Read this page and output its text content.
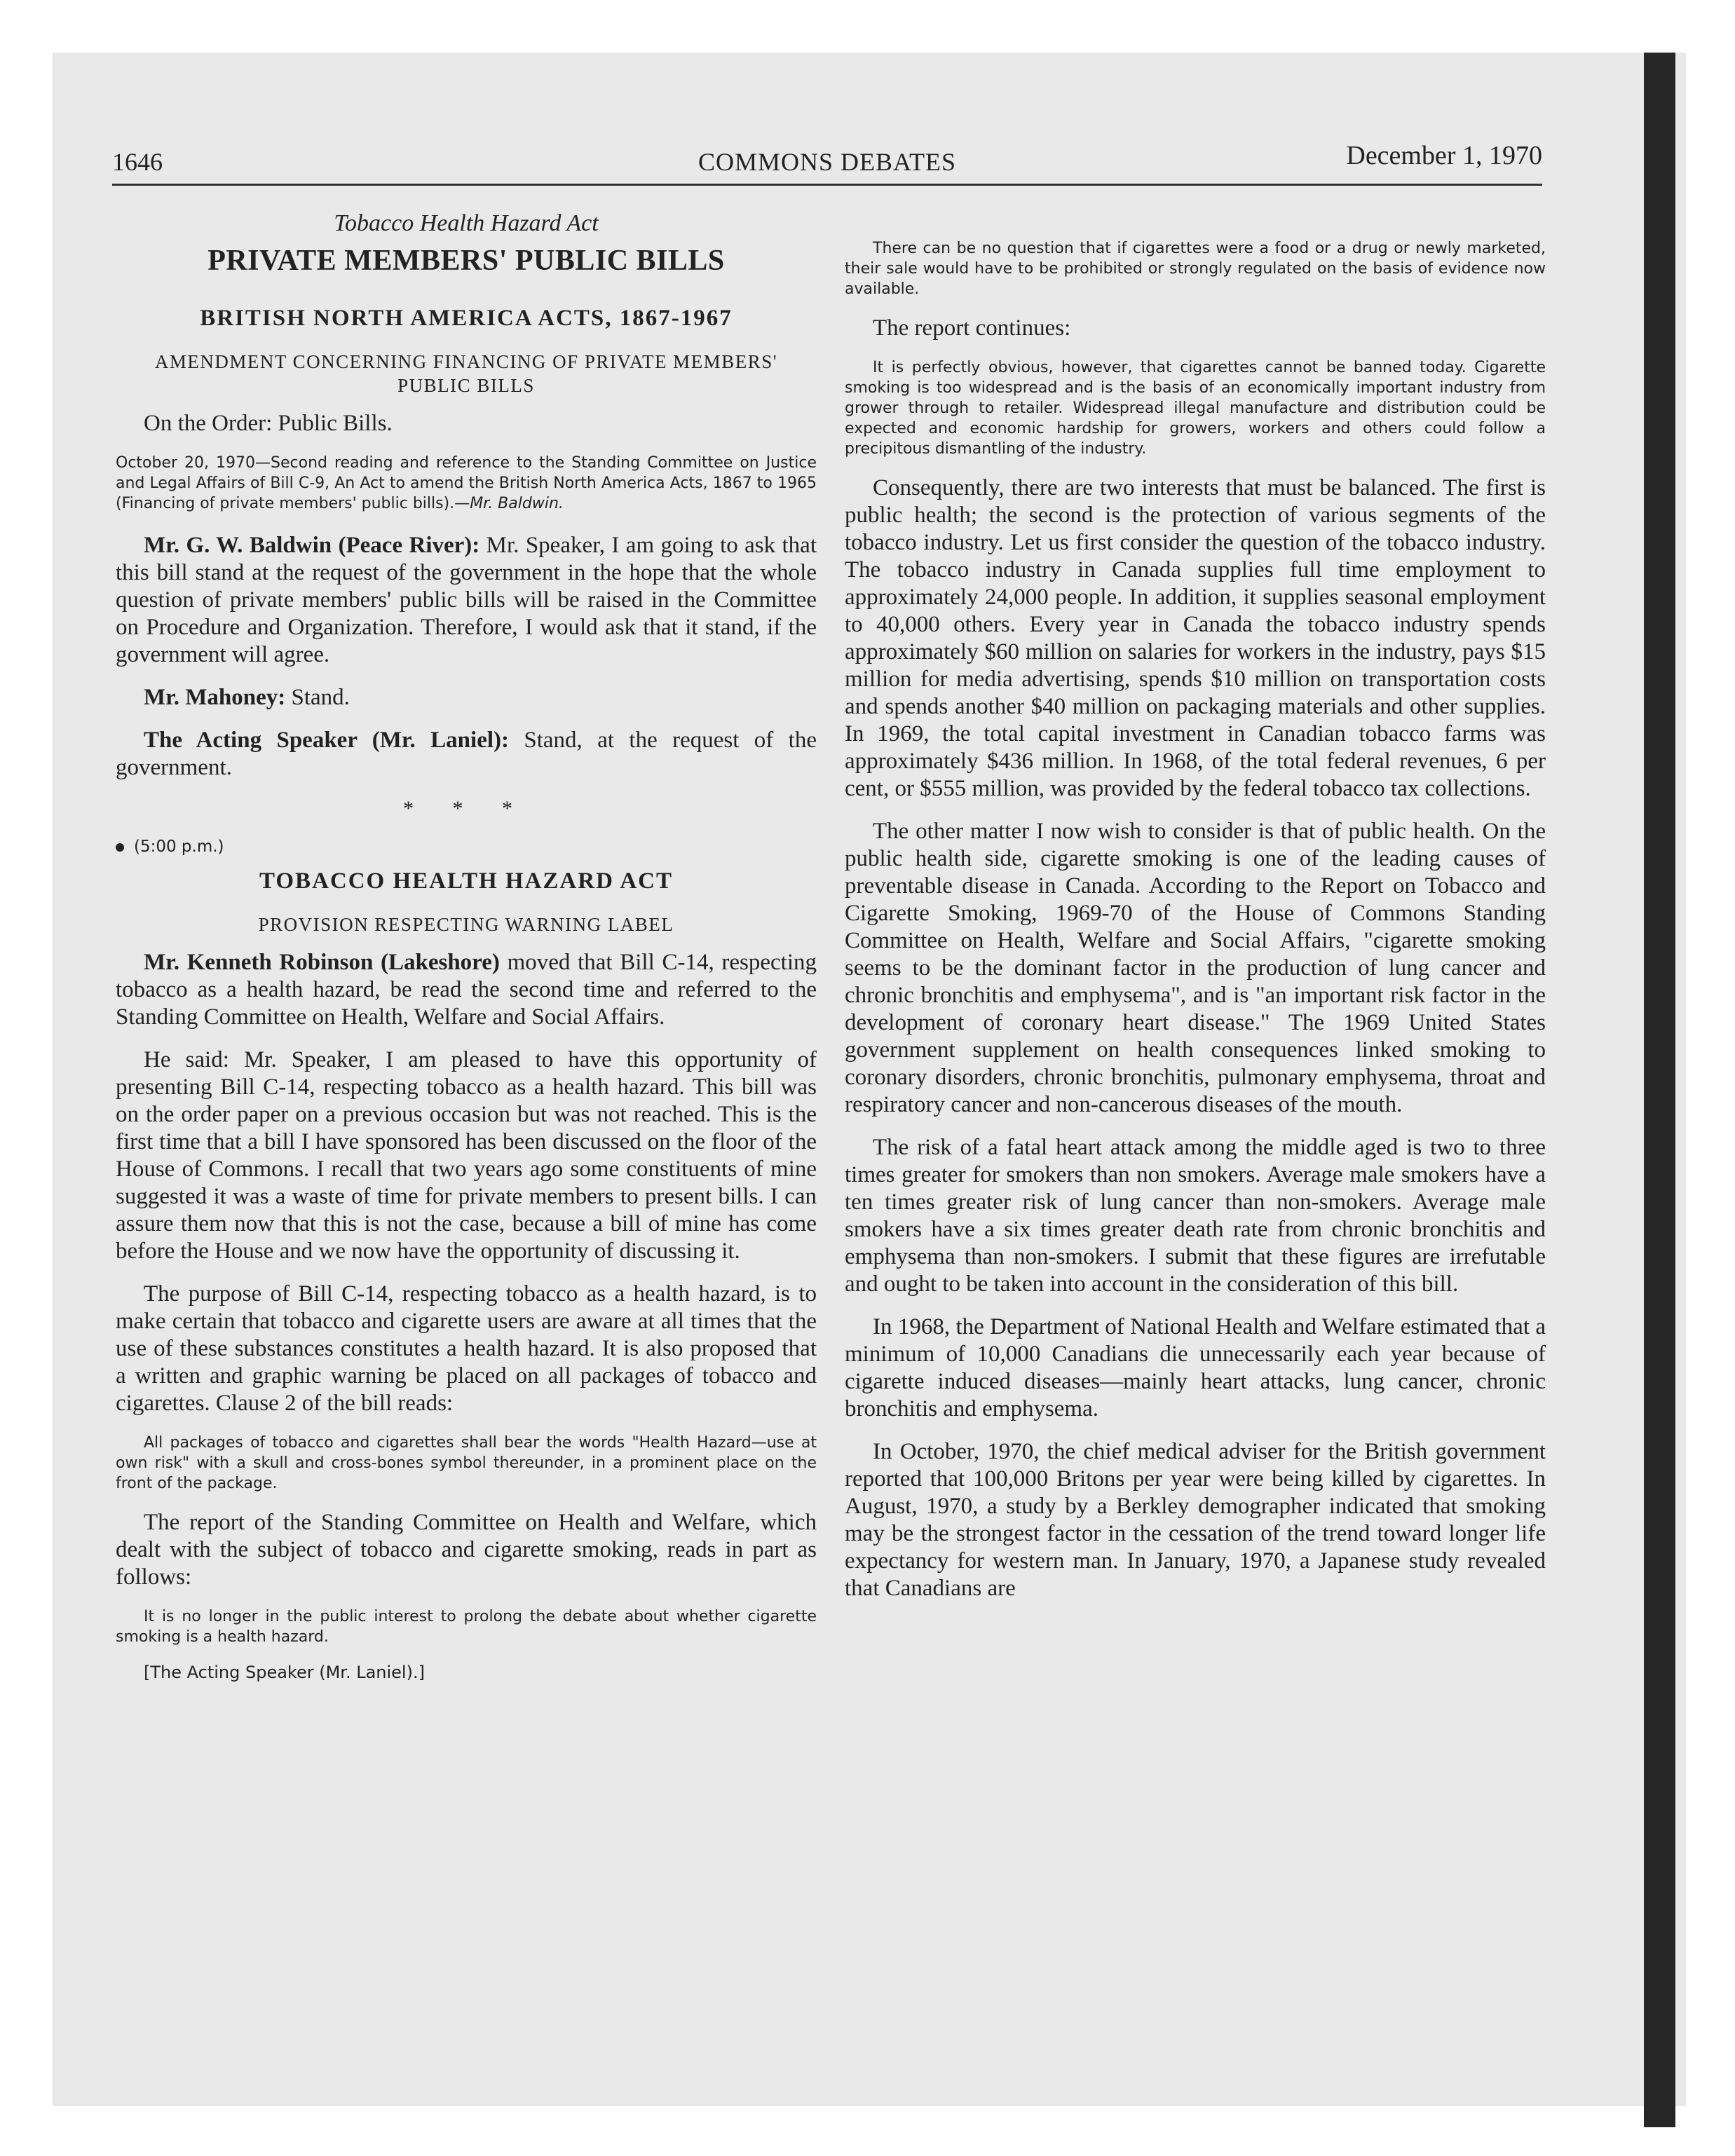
1646	COMMONS DEBATES	December 1, 1970
Tobacco Health Hazard Act
PRIVATE MEMBERS' PUBLIC BILLS
BRITISH NORTH AMERICA ACTS, 1867-1967
AMENDMENT CONCERNING FINANCING OF PRIVATE MEMBERS' PUBLIC BILLS

On the Order: Public Bills.

October 20, 1970—Second reading and reference to the Standing Committee on Justice and Legal Affairs of Bill C-9, An Act to amend the British North America Acts, 1867 to 1965 (Financing of private members' public bills).—Mr. Baldwin.

Mr. G. W. Baldwin (Peace River): Mr. Speaker, I am going to ask that this bill stand at the request of the government in the hope that the whole question of private members' public bills will be raised in the Committee on Procedure and Organization. Therefore, I would ask that it stand, if the government will agree.

Mr. Mahoney: Stand.

The Acting Speaker (Mr. Laniel): Stand, at the request of the government.

* * *
(5:00 p.m.)
TOBACCO HEALTH HAZARD ACT
PROVISION RESPECTING WARNING LABEL

Mr. Kenneth Robinson (Lakeshore) moved that Bill C-14, respecting tobacco as a health hazard, be read the second time and referred to the Standing Committee on Health, Welfare and Social Affairs.

He said: Mr. Speaker, I am pleased to have this opportunity of presenting Bill C-14, respecting tobacco as a health hazard. This bill was on the order paper on a previous occasion but was not reached. This is the first time that a bill I have sponsored has been discussed on the floor of the House of Commons. I recall that two years ago some constituents of mine suggested it was a waste of time for private members to present bills. I can assure them now that this is not the case, because a bill of mine has come before the House and we now have the opportunity of discussing it.

The purpose of Bill C-14, respecting tobacco as a health hazard, is to make certain that tobacco and cigarette users are aware at all times that the use of these substances constitutes a health hazard. It is also proposed that a written and graphic warning be placed on all packages of tobacco and cigarettes. Clause 2 of the bill reads:

All packages of tobacco and cigarettes shall bear the words "Health Hazard—use at own risk" with a skull and cross-bones symbol thereunder, in a prominent place on the front of the package.

The report of the Standing Committee on Health and Welfare, which dealt with the subject of tobacco and cigarette smoking, reads in part as follows:

It is no longer in the public interest to prolong the debate about whether cigarette smoking is a health hazard.

[The Acting Speaker (Mr. Laniel).]

There can be no question that if cigarettes were a food or a drug or newly marketed, their sale would have to be prohibited or strongly regulated on the basis of evidence now available.

The report continues:

It is perfectly obvious, however, that cigarettes cannot be banned today. Cigarette smoking is too widespread and is the basis of an economically important industry from grower through to retailer. Widespread illegal manufacture and distribution could be expected and economic hardship for growers, workers and others could follow a precipitous dismantling of the industry.

Consequently, there are two interests that must be balanced. The first is public health; the second is the protection of various segments of the tobacco industry. Let us first consider the question of the tobacco industry. The tobacco industry in Canada supplies full time employment to approximately 24,000 people. In addition, it supplies seasonal employment to 40,000 others. Every year in Canada the tobacco industry spends approximately $60 million on salaries for workers in the industry, pays $15 million for media advertising, spends $10 million on transportation costs and spends another $40 million on packaging materials and other supplies. In 1969, the total capital investment in Canadian tobacco farms was approximately $436 million. In 1968, of the total federal revenues, 6 per cent, or $555 million, was provided by the federal tobacco tax collections.

The other matter I now wish to consider is that of public health. On the public health side, cigarette smoking is one of the leading causes of preventable disease in Canada. According to the Report on Tobacco and Cigarette Smoking, 1969-70 of the House of Commons Standing Committee on Health, Welfare and Social Affairs, "cigarette smoking seems to be the dominant factor in the production of lung cancer and chronic bronchitis and emphysema", and is "an important risk factor in the development of coronary heart disease." The 1969 United States government supplement on health consequences linked smoking to coronary disorders, chronic bronchitis, pulmonary emphysema, throat and respiratory cancer and non-cancerous diseases of the mouth.

The risk of a fatal heart attack among the middle aged is two to three times greater for smokers than non smokers. Average male smokers have a ten times greater risk of lung cancer than non-smokers. Average male smokers have a six times greater death rate from chronic bronchitis and emphysema than non-smokers. I submit that these figures are irrefutable and ought to be taken into account in the consideration of this bill.

In 1968, the Department of National Health and Welfare estimated that a minimum of 10,000 Canadians die unnecessarily each year because of cigarette induced diseases—mainly heart attacks, lung cancer, chronic bronchitis and emphysema.

In October, 1970, the chief medical adviser for the British government reported that 100,000 Britons per year were being killed by cigarettes. In August, 1970, a study by a Berkley demographer indicated that smoking may be the strongest factor in the cessation of the trend toward longer life expectancy for western man. In January, 1970, a Japanese study revealed that Canadians are
